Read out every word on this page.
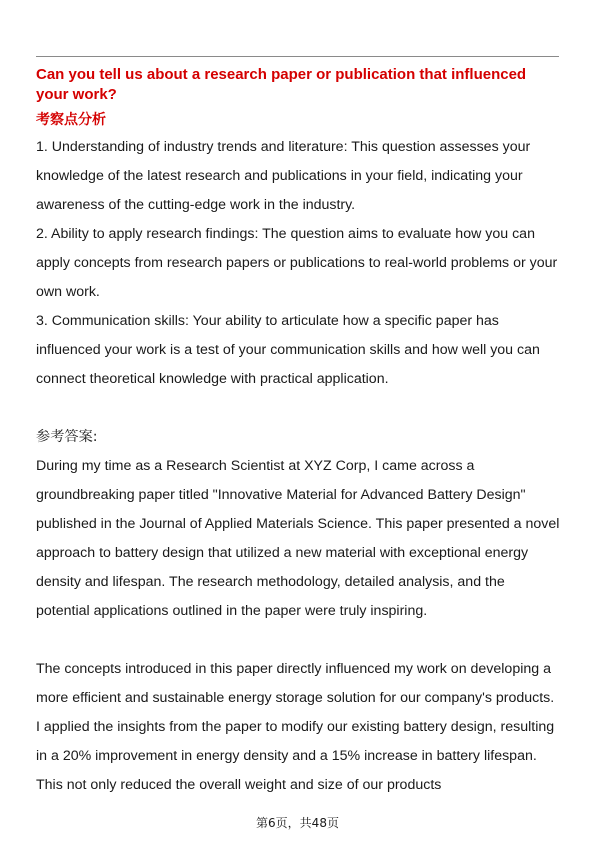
Can you tell us about a research paper or publication that influenced your work?

考察点分析

1. Understanding of industry trends and literature: This question assesses your knowledge of the latest research and publications in your field, indicating your awareness of the cutting-edge work in the industry.

2. Ability to apply research findings: The question aims to evaluate how you can apply concepts from research papers or publications to real-world problems or your own work.

3. Communication skills: Your ability to articulate how a specific paper has influenced your work is a test of your communication skills and how well you can connect theoretical knowledge with practical application.

参考答案:

During my time as a Research Scientist at XYZ Corp, I came across a groundbreaking paper titled "Innovative Material for Advanced Battery Design" published in the Journal of Applied Materials Science. This paper presented a novel approach to battery design that utilized a new material with exceptional energy density and lifespan. The research methodology, detailed analysis, and the potential applications outlined in the paper were truly inspiring.

The concepts introduced in this paper directly influenced my work on developing a more efficient and sustainable energy storage solution for our company's products. I applied the insights from the paper to modify our existing battery design, resulting in a 20% improvement in energy density and a 15% increase in battery lifespan. This not only reduced the overall weight and size of our products

第6页，共48页
